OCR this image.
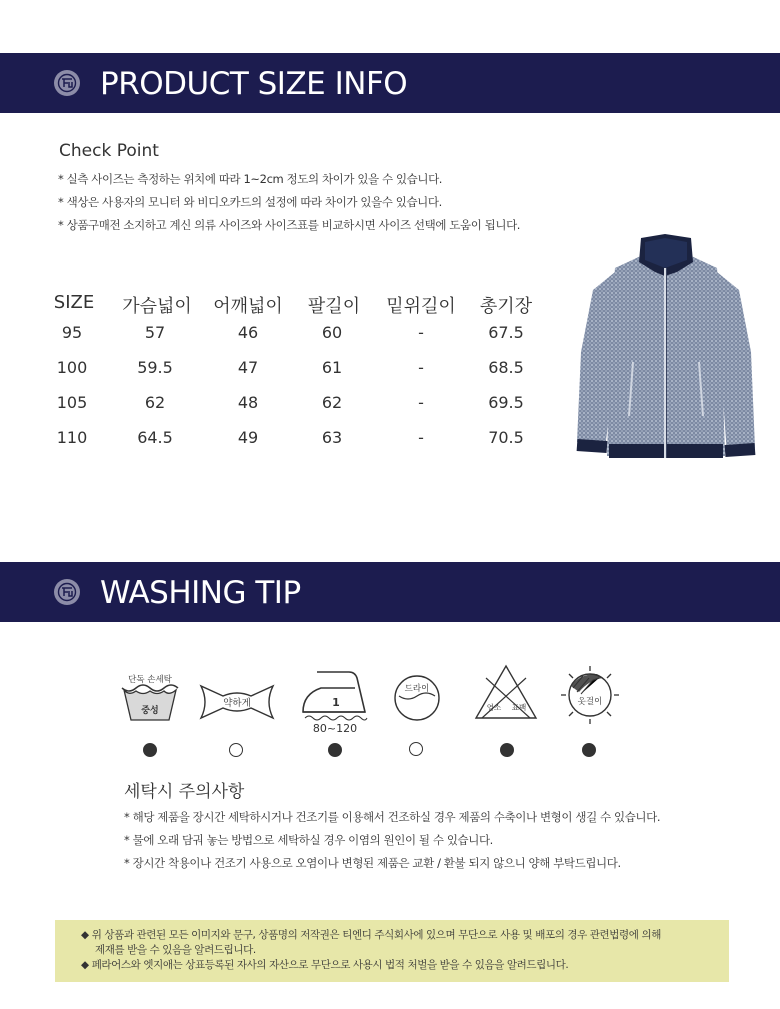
PRODUCT SIZE INFO
Check Point
* 실측 사이즈는 측정하는 위치에 따라 1~2cm 정도의 차이가 있을 수 있습니다.
* 색상은 사용자의 모니터 와 비디오카드의 설정에 따라 차이가 있을수 있습니다.
* 상품구매전 소지하고 계신 의류 사이즈와 사이즈표를 비교하시면 사이즈 선택에 도움이 됩니다.
SIZE 가슴넓이 어깨넓이 팔길이 밑위길이 총기장
95	57	46	60	-	67.5
100	59.5	47	61	-	68.5
105	62	48	62	-	69.5
110	64.5	49	63	-	70.5
WASHING TIP
단독 손세탁
중성
약하게	1
80~120
드라이
염소 표백
옷걸이
세탁시 주의사항
* 해당 제품을 장시간 세탁하시거나 건조기를 이용해서 건조하실 경우 제품의 수축이나 변형이 생길 수 있습니다.
* 물에 오래 담궈 놓는 방법으로 세탁하실 경우 이염의 원인이 될 수 있습니다.
* 장시간 착용이나 건조기 사용으로 오염이나 변형된 제품은 교환 / 환불 되지 않으니 양해 부탁드립니다.
◆ 위 상품과 관련된 모든 이미지와 문구, 상품명의 저작권은 티엔디 주식회사에 있으며 무단으로 사용 및 배포의 경우 관련법령에 의해
제재를 받을 수 있음을 알려드립니다.
◆ 페라어스와 엣지애는 상표등록된 자사의 자산으로 무단으로 사용시 법적 처벌을 받을 수 있음을 알려드립니다.
